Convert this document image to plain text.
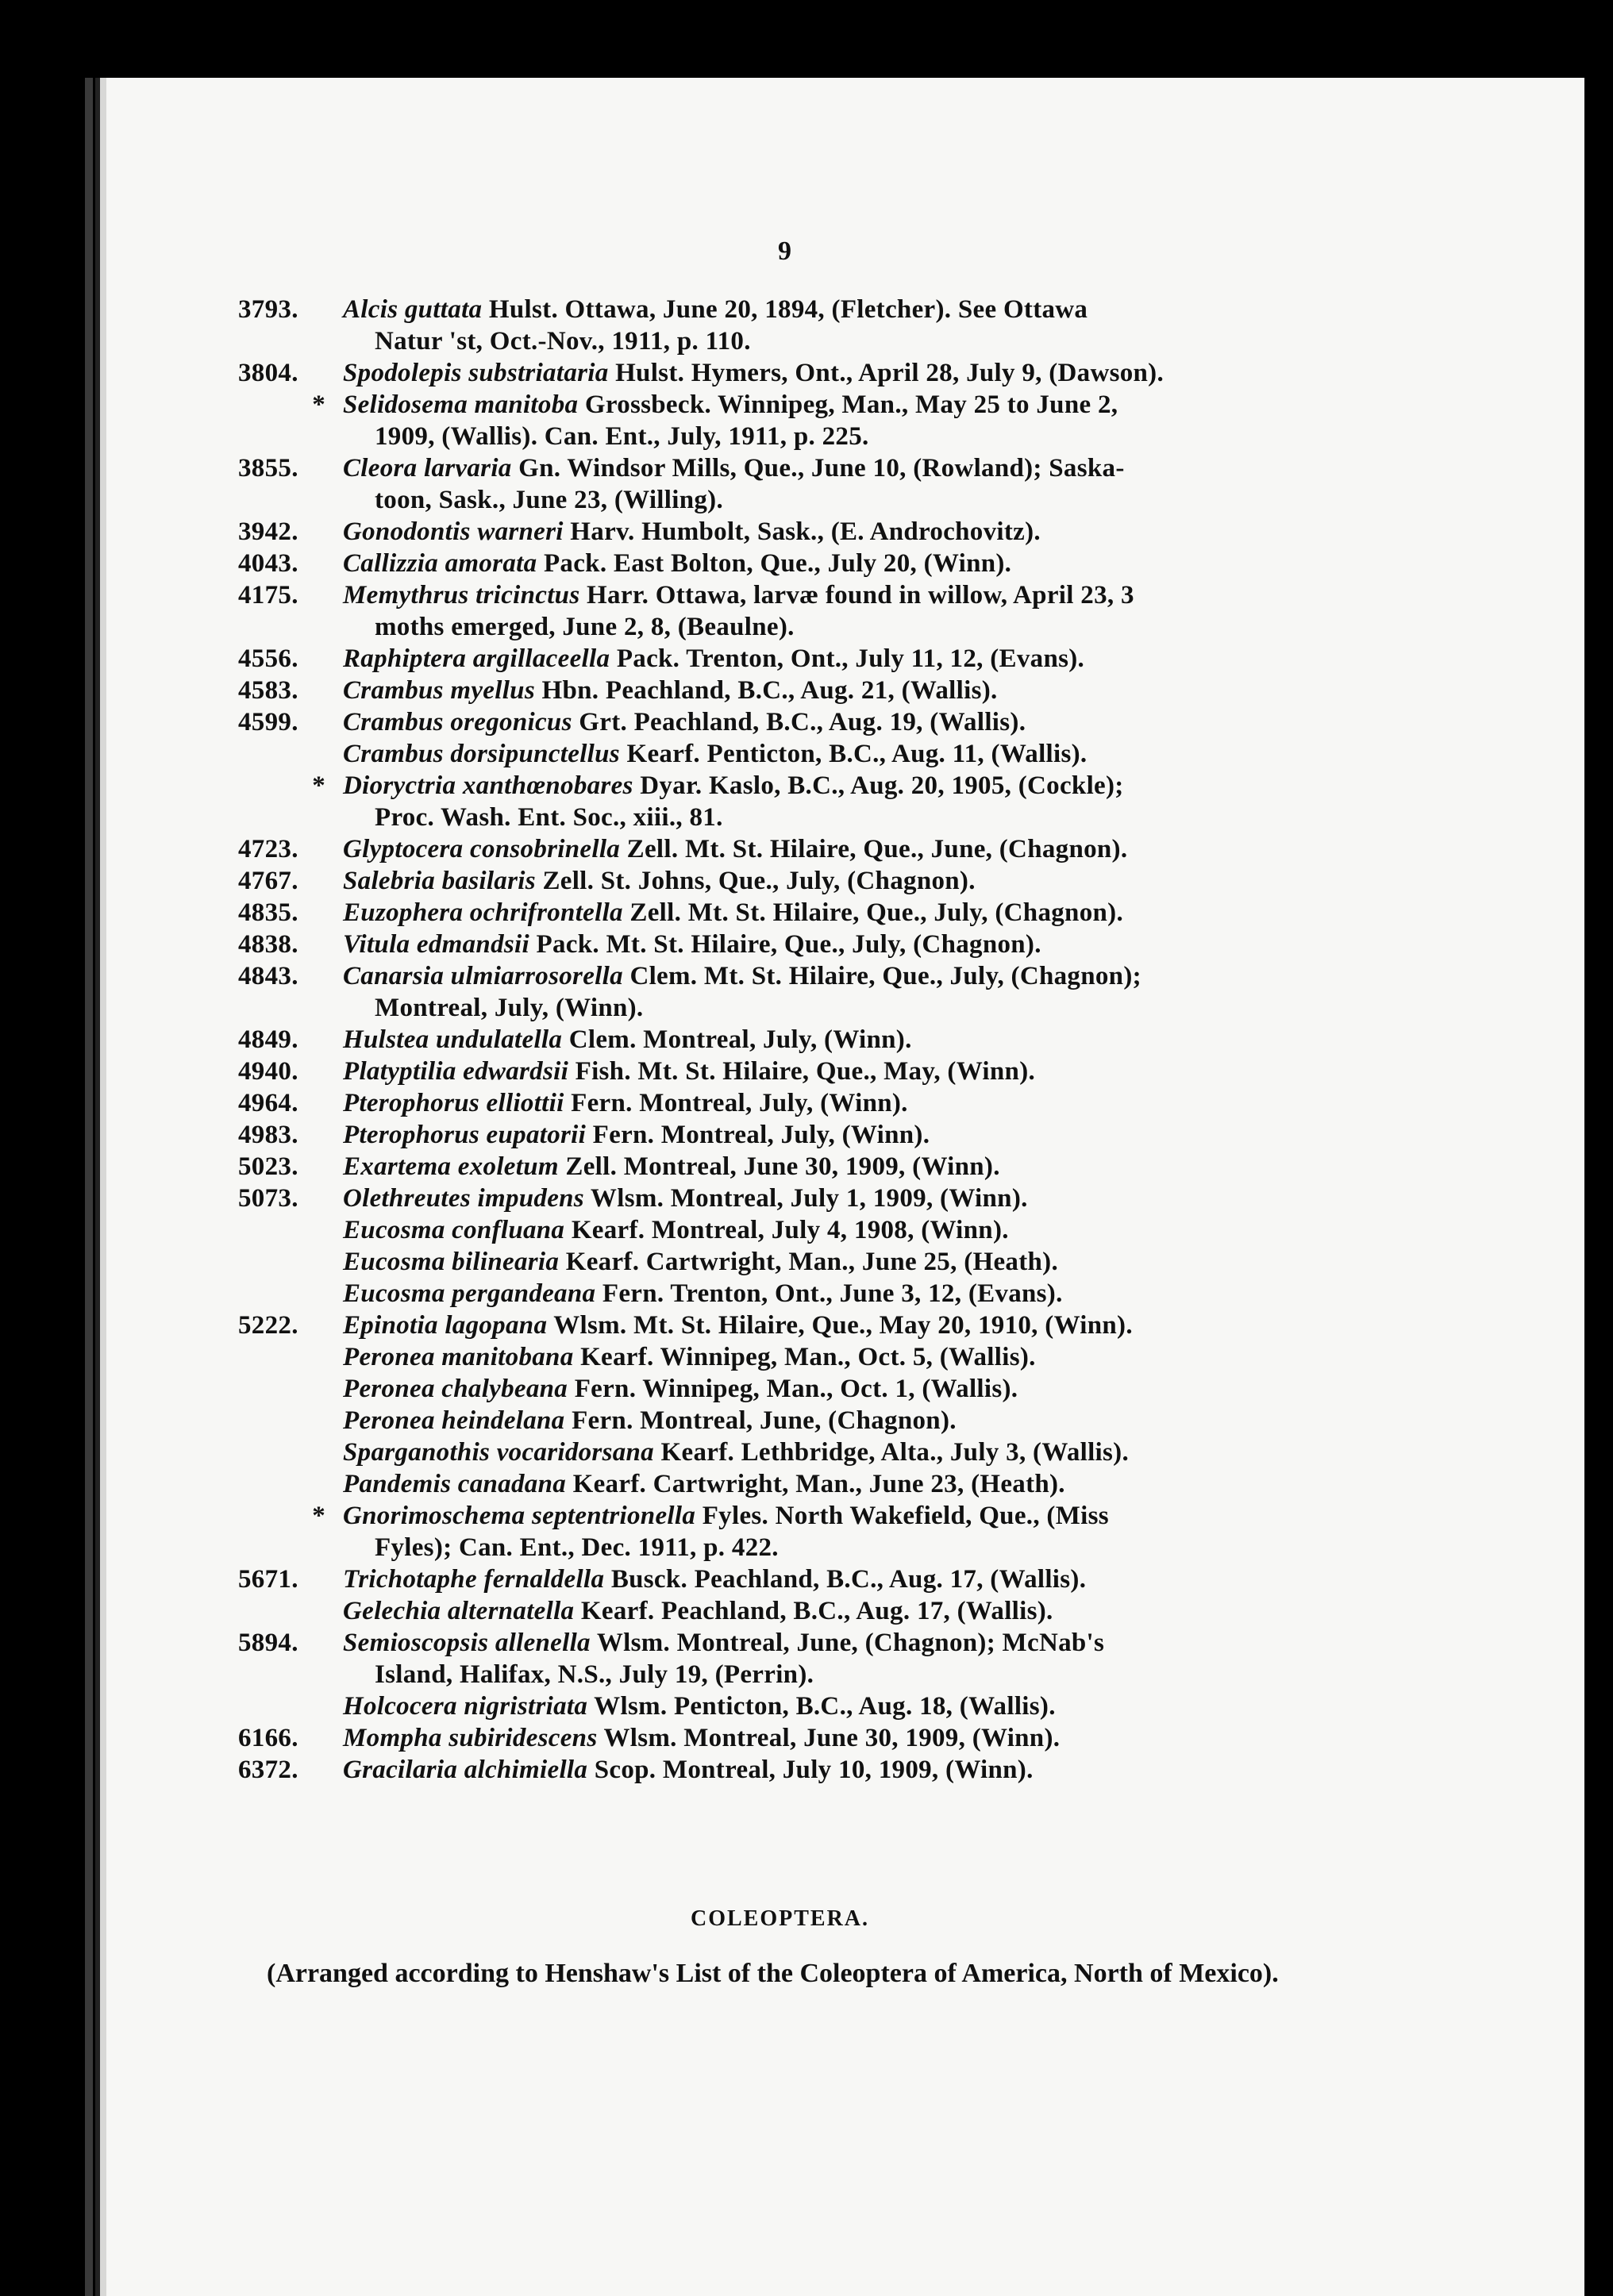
9
3793.	Alcis guttata Hulst. Ottawa, June 20, 1894, (Fletcher). See Ottawa
Natur 'st, Oct.-Nov., 1911, p. 110.
3804.	Spodolepis substriataria Hulst. Hymers, Ont., April 28, July 9, (Dawson).
* Selidosema manitoba Grossbeck. Winnipeg, Man., May 25 to June 2,
1909, (Wallis). Can. Ent., July, 1911, p. 225.
3855.	Cleora larvaria Gn. Windsor Mills, Que., June 10, (Rowland); Saska-
toon, Sask., June 23, (Willing).
3942.	Gonodontis warneri Harv. Humbolt, Sask., (E. Androchovitz).
4043.	Callizzia amorata Pack. East Bolton, Que., July 20, (Winn).
4175.	Memythrus tricinctus Harr. Ottawa, larvæ found in willow, April 23, 3
moths emerged, June 2, 8, (Beaulne).
4556.	Raphiptera argillaceella Pack. Trenton, Ont., July 11, 12, (Evans).
4583.	Crambus myellus Hbn. Peachland, B.C., Aug. 21, (Wallis).
4599.	Crambus oregonicus Grt. Peachland, B.C., Aug. 19, (Wallis).
Crambus dorsipunctellus Kearf. Penticton, B.C., Aug. 11, (Wallis).
* Dioryctria xanthœnobares Dyar. Kaslo, B.C., Aug. 20, 1905, (Cockle);
Proc. Wash. Ent. Soc., xiii., 81.
4723.	Glyptocera consobrinella Zell. Mt. St. Hilaire, Que., June, (Chagnon).
4767.	Salebria basilaris Zell. St. Johns, Que., July, (Chagnon).
4835.	Euzophera ochrifrontella Zell. Mt. St. Hilaire, Que., July, (Chagnon).
4838.	Vitula edmandsii Pack. Mt. St. Hilaire, Que., July, (Chagnon).
4843.	Canarsia ulmiarrosorella Clem. Mt. St. Hilaire, Que., July, (Chagnon);
Montreal, July, (Winn).
4849.	Hulstea undulatella Clem. Montreal, July, (Winn).
4940.	Platyptilia edwardsii Fish. Mt. St. Hilaire, Que., May, (Winn).
4964.	Pterophorus elliottii Fern. Montreal, July, (Winn).
4983.	Pterophorus eupatorii Fern. Montreal, July, (Winn).
5023.	Exartema exoletum Zell. Montreal, June 30, 1909, (Winn).
5073.	Olethreutes impudens Wlsm. Montreal, July 1, 1909, (Winn).
Eucosma confluana Kearf. Montreal, July 4, 1908, (Winn).
Eucosma bilinearia Kearf. Cartwright, Man., June 25, (Heath).
Eucosma pergandeana Fern. Trenton, Ont., June 3, 12, (Evans).
5222.	Epinotia lagopana Wlsm. Mt. St. Hilaire, Que., May 20, 1910, (Winn).
Peronea manitobana Kearf. Winnipeg, Man., Oct. 5, (Wallis).
Peronea chalybeana Fern. Winnipeg, Man., Oct. 1, (Wallis).
Peronea heindelana Fern. Montreal, June, (Chagnon).
Sparganothis vocaridorsana Kearf. Lethbridge, Alta., July 3, (Wallis).
Pandemis canadana Kearf. Cartwright, Man., June 23, (Heath).
* Gnorimoschema septentrionella Fyles. North Wakefield, Que., (Miss
Fyles); Can. Ent., Dec. 1911, p. 422.
5671.	Trichotaphe fernaldella Busck. Peachland, B.C., Aug. 17, (Wallis).
Gelechia alternatella Kearf. Peachland, B.C., Aug. 17, (Wallis).
5894.	Semioscopsis allenella Wlsm. Montreal, June, (Chagnon); McNab's
Island, Halifax, N.S., July 19, (Perrin).
Holcocera nigristriata Wlsm. Penticton, B.C., Aug. 18, (Wallis).
6166.	Mompha subiridescens Wlsm. Montreal, June 30, 1909, (Winn).
6372.	Gracilaria alchimiella Scop. Montreal, July 10, 1909, (Winn).
COLEOPTERA.
(Arranged according to Henshaw's List of the Coleoptera of America, North of Mexico).
